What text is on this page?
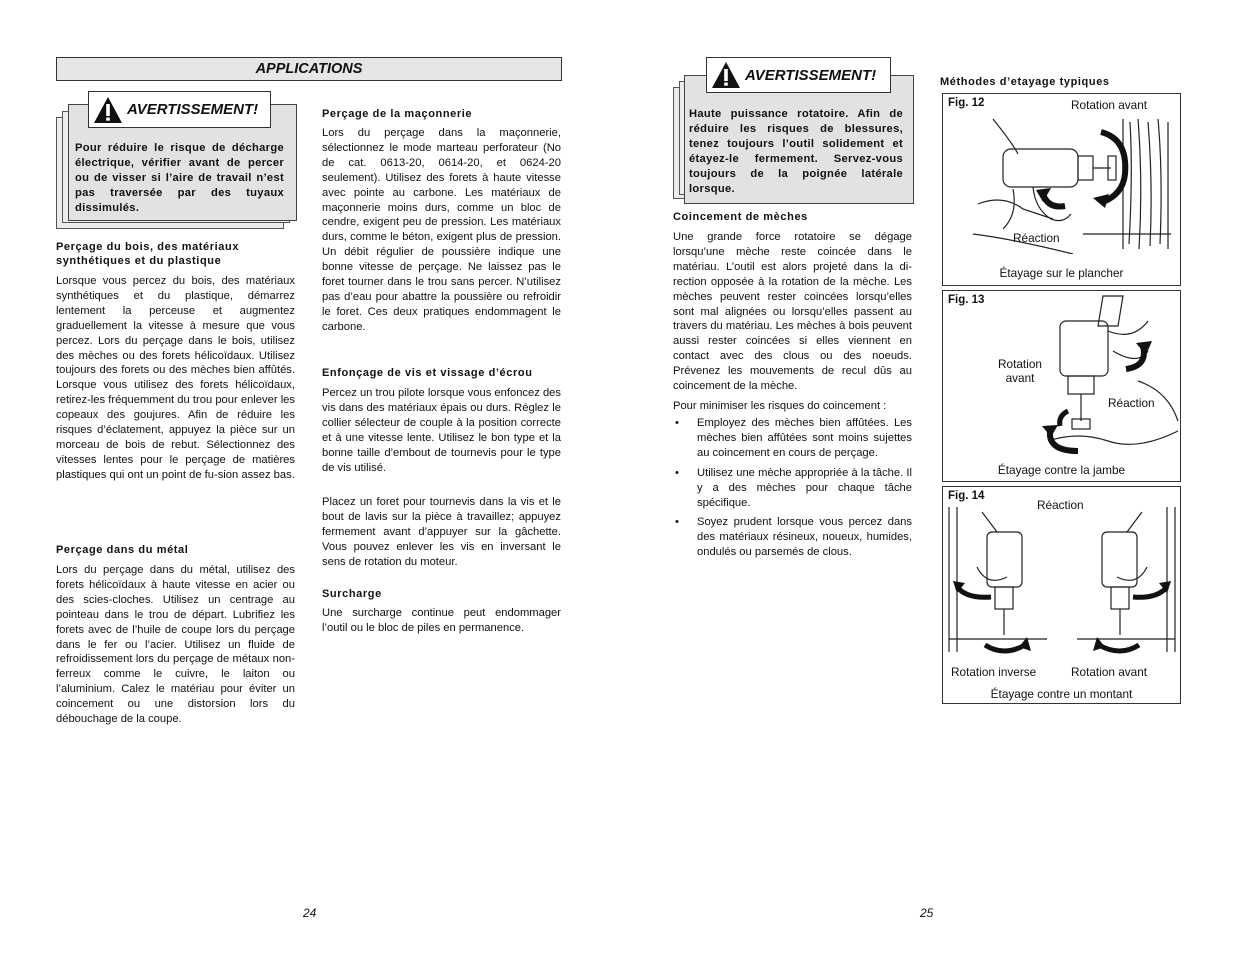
APPLICATIONS
AVERTISSEMENT!
Pour réduire le risque de décharge électrique, vérifier avant de percer ou de visser si l’aire de travail n’est pas traversée par des tuyaux dissimulés.
Perçage du bois, des matériaux synthétiques et du plastique

Lorsque vous percez du bois, des matériaux synthétiques et du plastique, démarrez lentement la perceuse et augmentez graduellement la vitesse à mesure que vous percez. Lors du perçage dans le bois, utilisez des mèches ou des forets hélicoïdaux. Utilisez toujours des forets ou des mèches bien affûtés. Lorsque vous utilisez des forets hélicoïdaux, retirez-les fréquemment du trou pour enlever les copeaux des goujures. Afin de réduire les risques d’éclatement, appuyez la pièce sur un morceau de bois de rebut. Sélectionnez des vitesses lentes pour le perçage de matières plastiques qui ont un point de fu-sion assez bas.

Perçage dans du métal

Lors du perçage dans du métal, utilisez des forets hélicoïdaux à haute vitesse en acier ou des scies-cloches. Utilisez un centrage au pointeau dans le trou de départ. Lubrifiez les forets avec de l’huile de coupe lors du perçage dans le fer ou l’acier. Utilisez un fluide de refroidissement lors du perçage de métaux non-ferreux comme le cuivre, le laiton ou l’aluminium. Calez le matériau pour éviter un coincement ou une distorsion lors du débouchage de la coupe.

Perçage de la maçonnerie

Lors du perçage dans la maçonnerie, sélectionnez le mode marteau perforateur (No de cat. 0613-20, 0614-20, et 0624-20 seulement). Utilisez des forets à haute vitesse avec pointe au carbone. Les matériaux de maçonnerie moins durs, comme un bloc de cendre, exigent peu de pression. Les matériaux durs, comme le béton, exigent plus de pression. Un débit régulier de poussière indique une bonne vitesse de perçage. Ne laissez pas le foret tourner dans le trou sans percer. N’utilisez pas d’eau pour abattre la poussière ou refroidir le foret. Ces deux pratiques endommagent le carbone.

Enfonçage de vis et vissage d’écrou

Percez un trou pilote lorsque vous enfoncez des vis dans des matériaux épais ou durs. Réglez le collier sélecteur de couple à la position correcte et à une vitesse lente. Utilisez le bon type et la bonne taille d’embout de tournevis pour le type de vis utilisé.

Placez un foret pour tournevis dans la vis et le bout de lavis sur la pièce à travaillez; appuyez fermement avant d’appuyer sur la gâchette. Vous pouvez enlever les vis en inversant le sens de rotation du moteur.

Surcharge

Une surcharge continue peut endommager l’outil ou le bloc de piles en permanence.

24
AVERTISSEMENT!
Haute puissance rotatoire. Afin de réduire les risques de blessures, tenez toujours l’outil solidement et étayez-le fermement. Servez-vous toujours de la poignée latérale lorsque.
Coincement de mèches

Une grande force rotatoire se dégage lorsqu’une mèche reste coincée dans le matériau. L’outil est alors projeté dans la di-rection opposée à la rotation de la mèche. Les mèches peuvent rester coincées lorsqu’elles sont mal alignées ou lorsqu’elles passent au travers du matériau. Les mèches à bois peuvent aussi rester coincées si elles viennent en contact avec des clous ou des noeuds. Prévenez les mouvements de recul dûs au coincement de la mèche.

Pour minimiser les risques do coincement :

• Employez des mèches bien affûtées. Les mèches bien affûtées sont moins sujettes au coincement en cours de perçage.
• Utilisez une mèche appropriée à la tâche. Il y a des mèches pour chaque tâche spécifique.
• Soyez prudent lorsque vous percez dans des matériaux résineux, noueux, humides, ondulés ou parsemés de clous.
Méthodes d’etayage typiques
Fig. 12	Rotation avant
Réaction
Étayage sur le plancher
Fig. 13
Rotation
avant
Réaction
Étayage contre la jambe
Fig. 14
Réaction
Rotation inverse	Rotation avant
Étayage contre un montant
25
